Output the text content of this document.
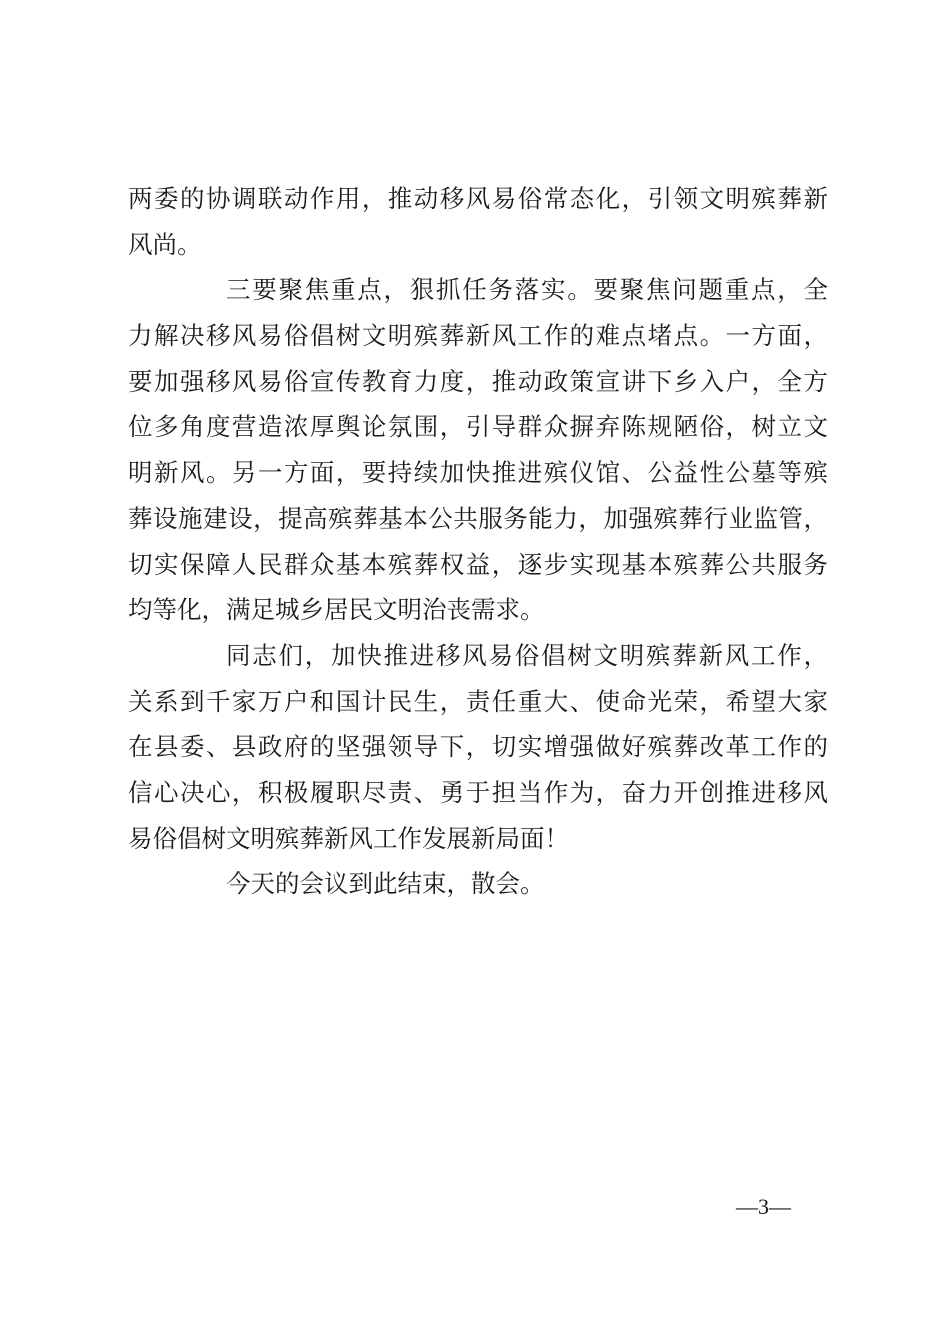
两委的协调联动作用，推动移风易俗常态化，引领文明殡葬新
风尚。
三要聚焦重点，狠抓任务落实。要聚焦问题重点，全
力解决移风易俗倡树文明殡葬新风工作的难点堵点。一方面，
要加强移风易俗宣传教育力度，推动政策宣讲下乡入户，全方
位多角度营造浓厚舆论氛围，引导群众摒弃陈规陋俗，树立文
明新风。另一方面，要持续加快推进殡仪馆、公益性公墓等殡
葬设施建设，提高殡葬基本公共服务能力，加强殡葬行业监管，
切实保障人民群众基本殡葬权益，逐步实现基本殡葬公共服务
均等化，满足城乡居民文明治丧需求。
同志们，加快推进移风易俗倡树文明殡葬新风工作，
关系到千家万户和国计民生，责任重大、使命光荣，希望大家
在县委、县政府的坚强领导下，切实增强做好殡葬改革工作的
信心决心，积极履职尽责、勇于担当作为，奋力开创推进移风
易俗倡树文明殡葬新风工作发展新局面！
今天的会议到此结束，散会。
—3—
